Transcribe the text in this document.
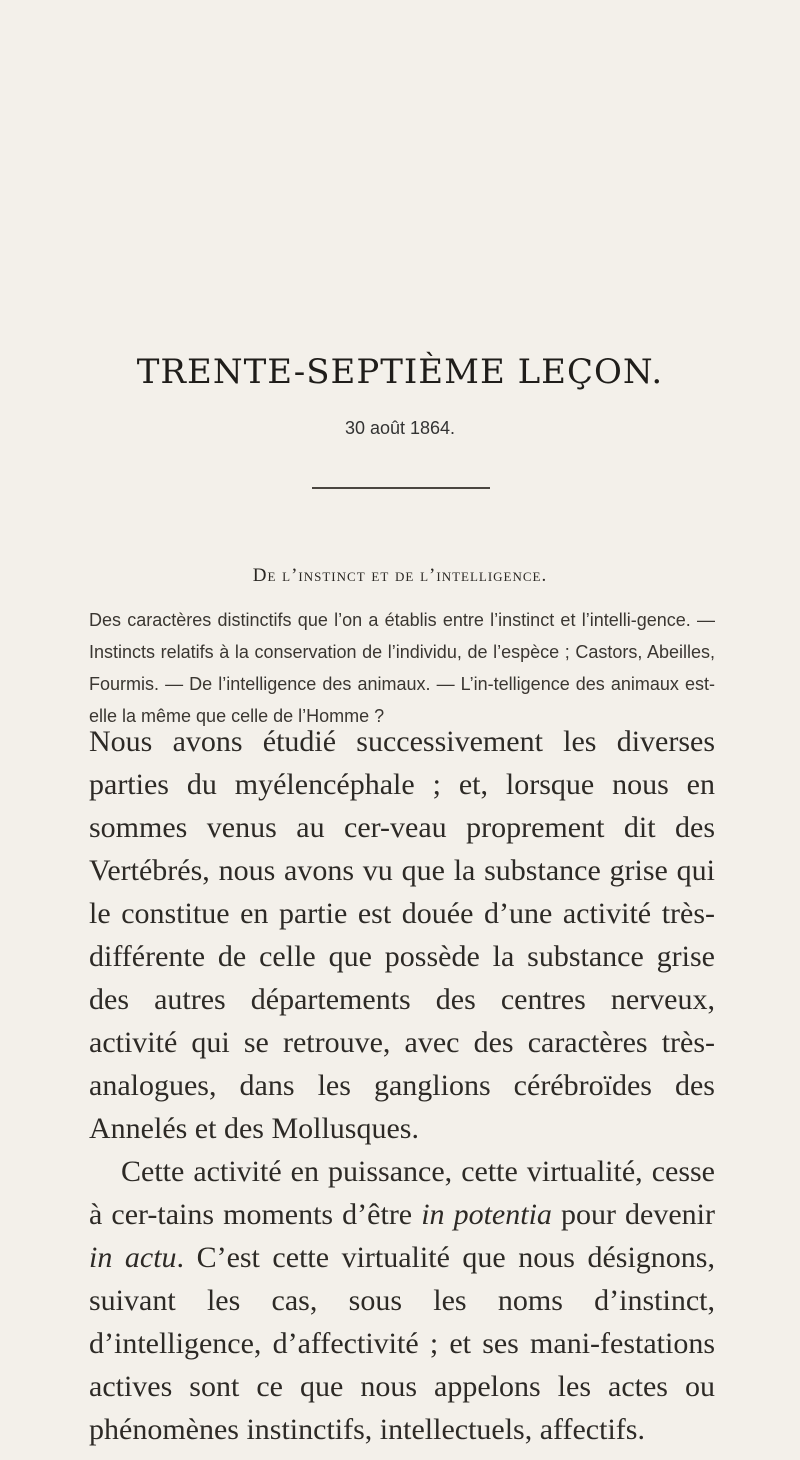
TRENTE-SEPTIÈME LEÇON.
30 août 1864.
De l’instinct et de l’intelligence.
Des caractères distinctifs que l’on a établis entre l’instinct et l’intelli-gence. — Instincts relatifs à la conservation de l’individu, de l’espèce ; Castors, Abeilles, Fourmis. — De l’intelligence des animaux. — L’in-telligence des animaux est-elle la même que celle de l’Homme ?

Nous avons étudié successivement les diverses parties du myélencéphale ; et, lorsque nous en sommes venus au cer-veau proprement dit des Vertébrés, nous avons vu que la substance grise qui le constitue en partie est douée d’une activité très-différente de celle que possède la substance grise des autres départements des centres nerveux, activité qui se retrouve, avec des caractères très-analogues, dans les ganglions cérébroïdes des Annelés et des Mollusques.

Cette activité en puissance, cette virtualité, cesse à cer-tains moments d’être in potentia pour devenir in actu. C’est cette virtualité que nous désignons, suivant les cas, sous les noms d’instinct, d’intelligence, d’affectivité ; et ses mani-festations actives sont ce que nous appelons les actes ou phénomènes instinctifs, intellectuels, affectifs.
